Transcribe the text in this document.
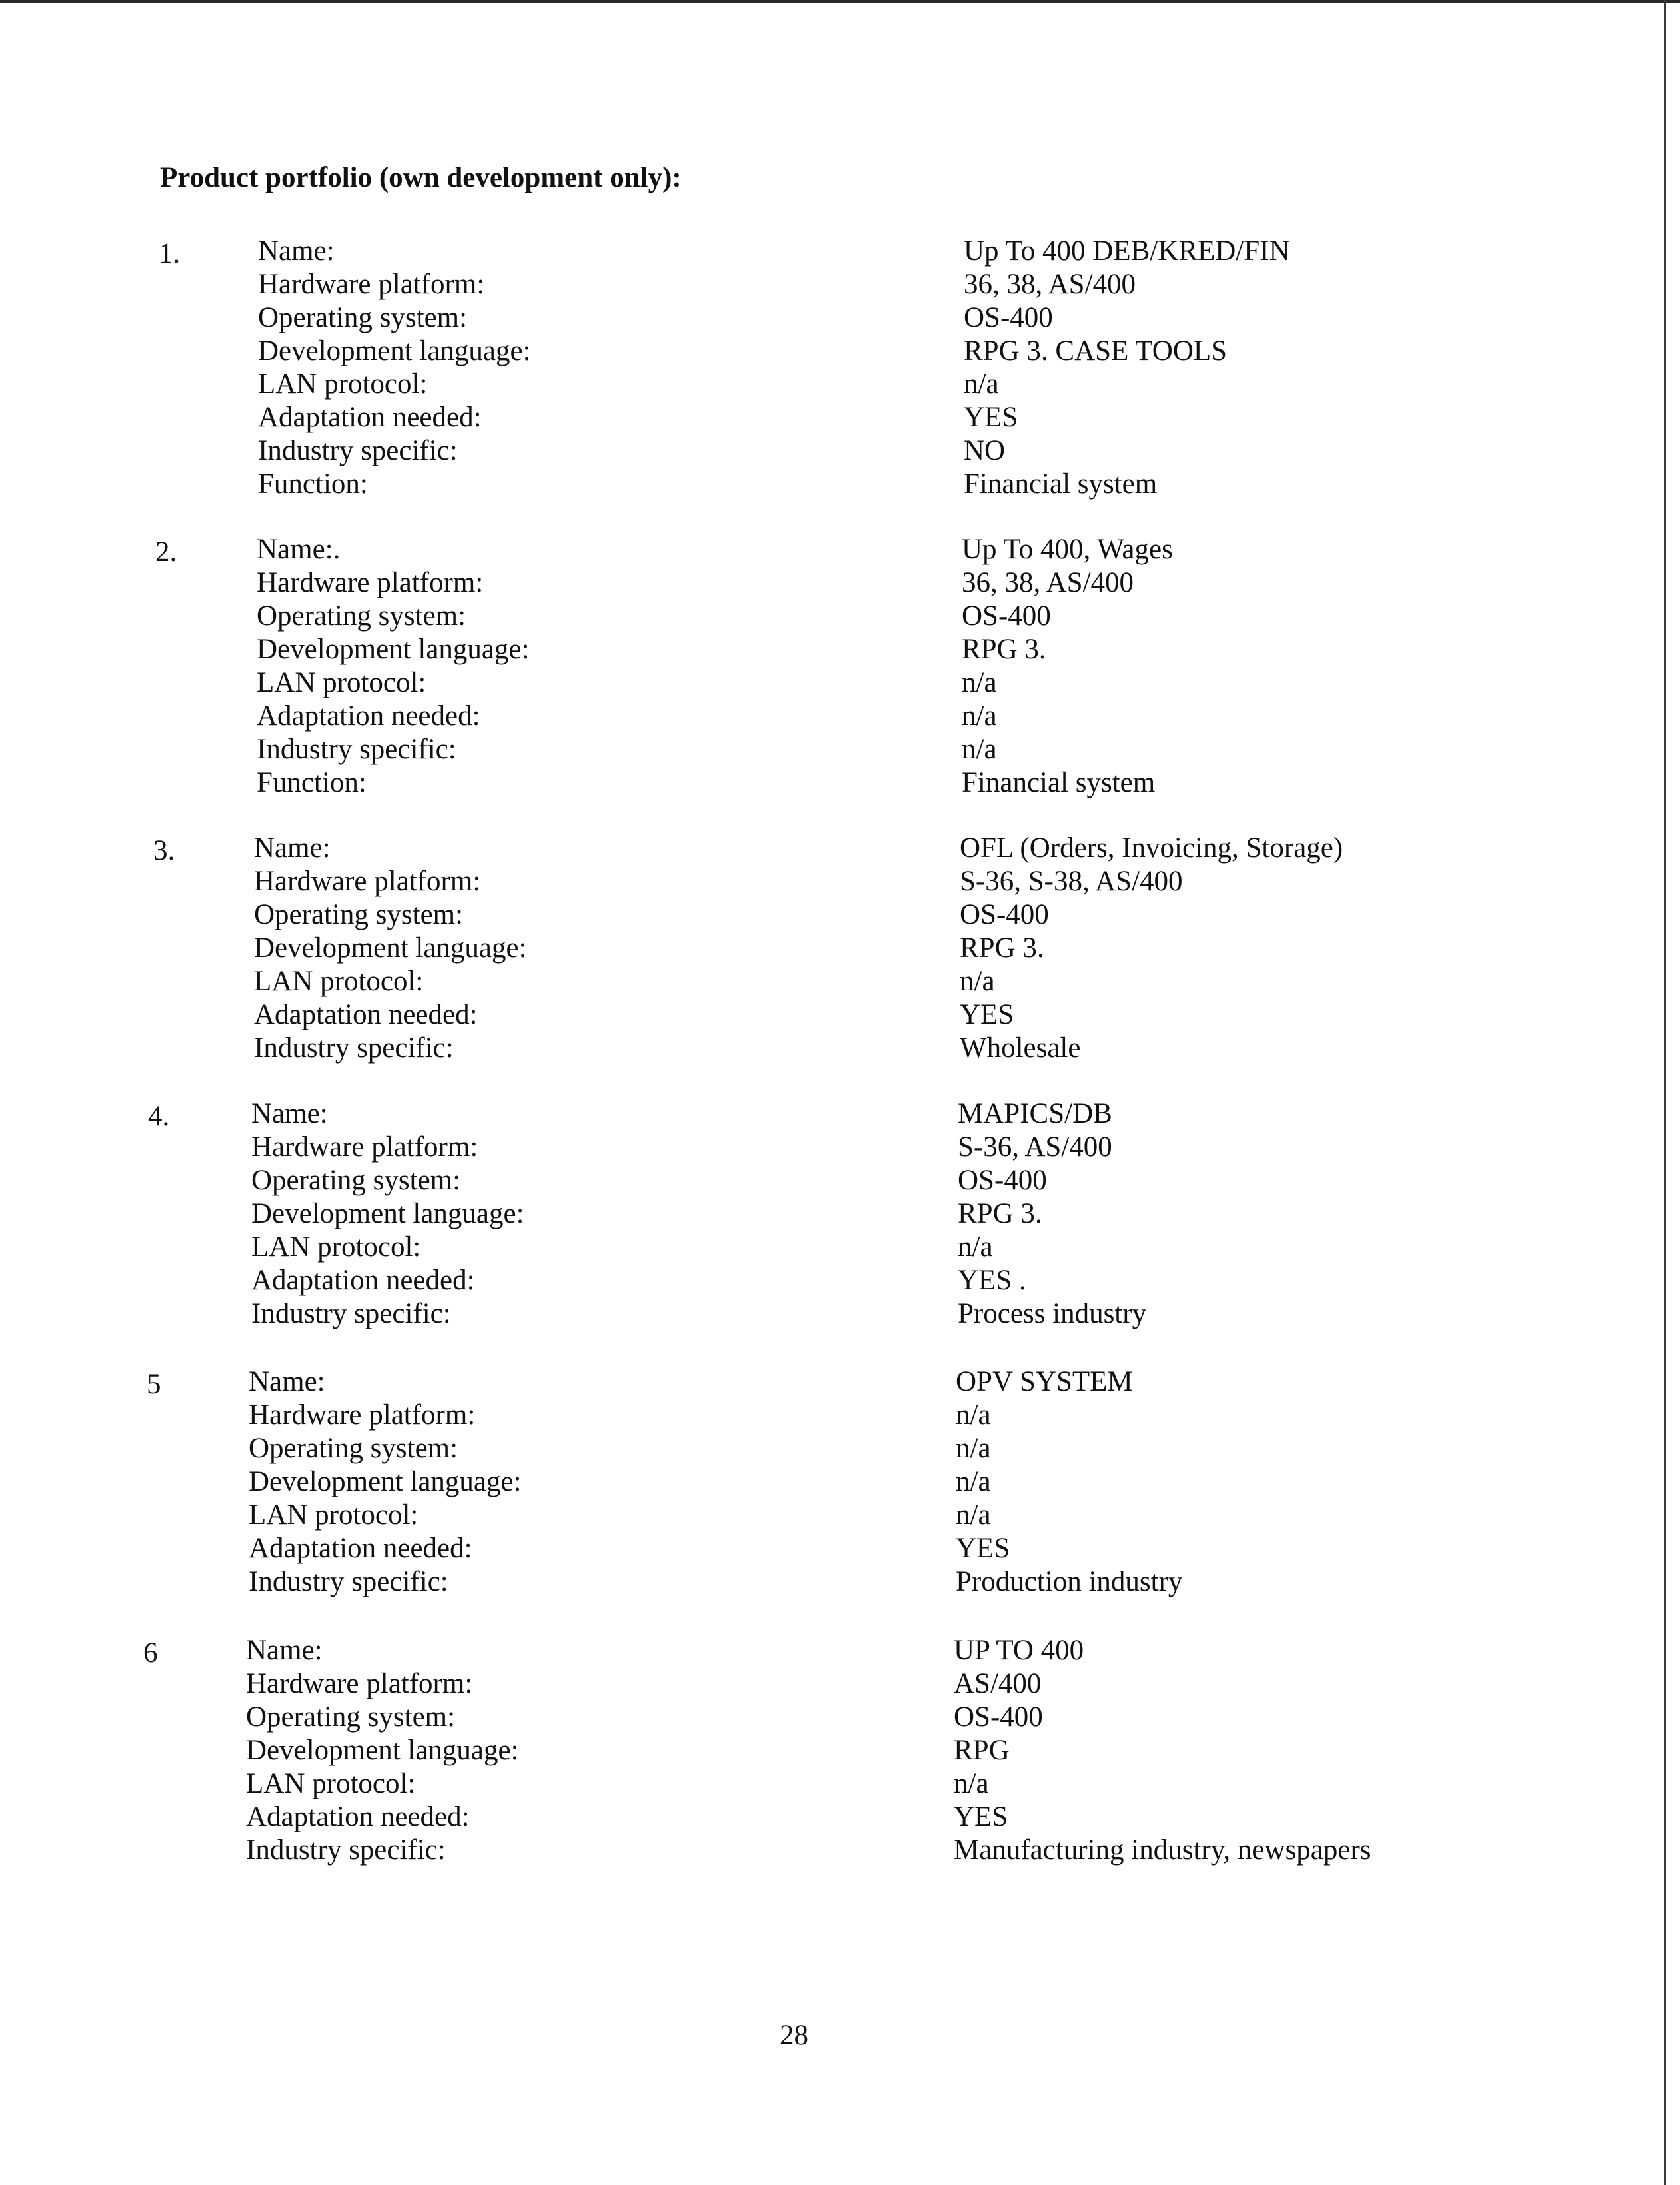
Product portfolio (own development only):
1.	Name:	Up To 400 DEB/KRED/FIN
Hardware platform:	36, 38, AS/400
Operating system:	OS-400
Development language:	RPG 3. CASE TOOLS
LAN protocol:	n/a
Adaptation needed:	YES
Industry specific:	NO
Function:	Financial system
2.	Name:.	Up To 400, Wages
Hardware platform:	36, 38, AS/400
Operating system:	OS-400
Development language:	RPG 3.
LAN protocol:	n/a
Adaptation needed:	n/a
Industry specific:	n/a
Function:	Financial system
3.	Name:	OFL (Orders, Invoicing, Storage)
Hardware platform:	S-36, S-38, AS/400
Operating system:	OS-400
Development language:	RPG 3.
LAN protocol:	n/a
Adaptation needed:	YES
Industry specific:	Wholesale
4.	Name:	MAPICS/DB
Hardware platform:	S-36, AS/400
Operating system:	OS-400
Development language:	RPG 3.
LAN protocol:	n/a
Adaptation needed:	YES .
Industry specific:	Process industry
5	Name:	OPV SYSTEM
Hardware platform:	n/a
Operating system:	n/a
Development language:	n/a
LAN protocol:	n/a
Adaptation needed:	YES
Industry specific:	Production industry
6	Name:	UP TO 400
Hardware platform:	AS/400
Operating system:	OS-400
Development language:	RPG
LAN protocol:	n/a
Adaptation needed:	YES
Industry specific:	Manufacturing industry, newspapers
28
